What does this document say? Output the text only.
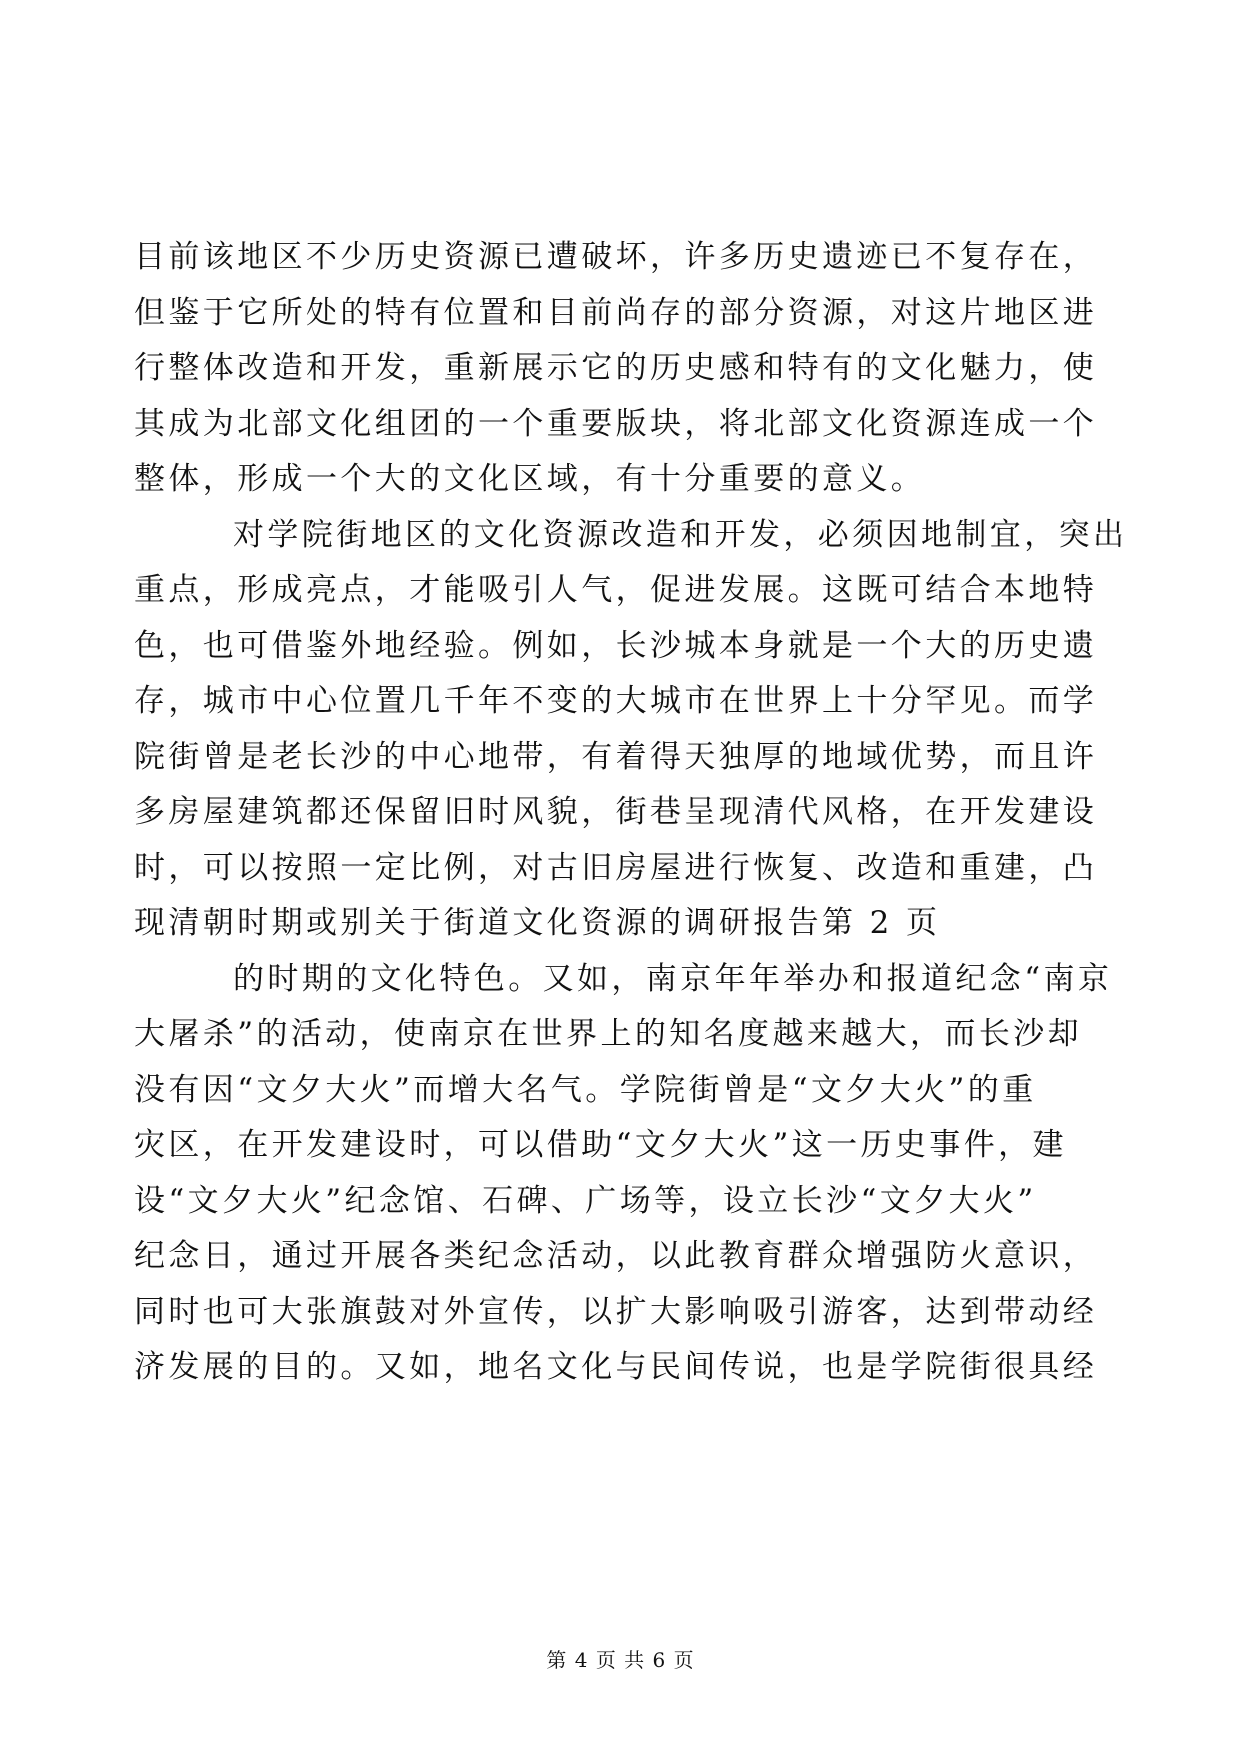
目前该地区不少历史资源已遭破坏，许多历史遗迹已不复存在，
但鉴于它所处的特有位置和目前尚存的部分资源，对这片地区进
行整体改造和开发，重新展示它的历史感和特有的文化魅力，使
其成为北部文化组团的一个重要版块，将北部文化资源连成一个
整体，形成一个大的文化区域，有十分重要的意义。
对学院街地区的文化资源改造和开发，必须因地制宜，突出
重点，形成亮点，才能吸引人气，促进发展。这既可结合本地特
色，也可借鉴外地经验。例如，长沙城本身就是一个大的历史遗
存，城市中心位置几千年不变的大城市在世界上十分罕见。而学
院街曾是老长沙的中心地带，有着得天独厚的地域优势，而且许
多房屋建筑都还保留旧时风貌，街巷呈现清代风格，在开发建设
时，可以按照一定比例，对古旧房屋进行恢复、改造和重建，凸
现清朝时期或别关于街道文化资源的调研报告第 2 页
的时期的文化特色。又如，南京年年举办和报道纪念“南京
大屠杀”的活动，使南京在世界上的知名度越来越大，而长沙却
没有因“文夕大火”而增大名气。学院街曾是“文夕大火”的重
灾区，在开发建设时，可以借助“文夕大火”这一历史事件，建
设“文夕大火”纪念馆、石碑、广场等，设立长沙“文夕大火”
纪念日，通过开展各类纪念活动，以此教育群众增强防火意识，
同时也可大张旗鼓对外宣传，以扩大影响吸引游客，达到带动经
济发展的目的。又如，地名文化与民间传说，也是学院街很具经
第 4 页 共 6 页
